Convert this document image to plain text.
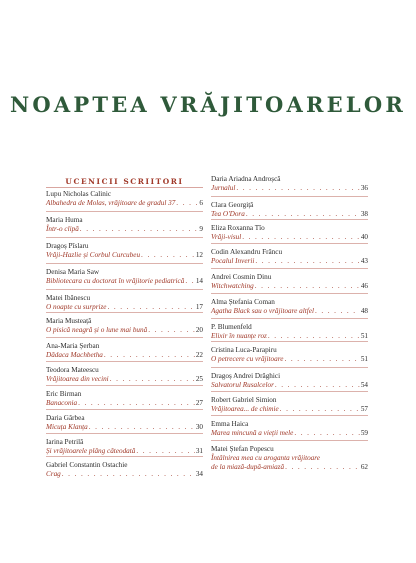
NOAPTEA VRĂJITOARELOR
UCENICII SCRIITORI
Lupu Nicholas Calinic
Albahedra de Molas, vrăjitoare de gradul 37 . . .	6
Maria Huma
Într-o clipă . . .	9
Dragoș Pîslaru
Vrăji-Hazlie și Corbul Curcubeu . . .	12
Denisa Maria Saw
Bibliotecara cu doctorat în vrăjitorie pediatrică . . . 14
Matei Ibănescu
O noapte cu surprize . . .	17
Maria Musteață
O pisică neagră și o lune mai bună . . .	20
Ana-Maria Șerban
Dădaca Machbetha . . .	22
Teodora Mateescu
Vrăjitoarea din vecini . . .	25
Eric Birman
Banaconia . . .	27
Daria Gârbea
Micuța Klanța . . .	30
Iarina Petrilă
Și vrăjitoarele plâng câteodată . . .	31
Gabriel Constantin Ostachie
Crag . . .	34
Daria Ariadna Androșcă
Jurnalul . . .	36
Clara Georgiță
Tea O'Dora . . .	38
Eliza Roxanna Tîo
Vrăji-visul . . .	40
Codin Alexandru Frâncu
Pocalul Inverii . . .	43
Andrei Cosmin Dinu
Witchwatching . . .	46
Alma Ștefania Coman
Agatha Black sau o vrăjitoare altfel . . .	48
P. Blumenfeld
Elixir în nuanțe roz . . .	51
Cristina Luca-Parapiru
O petrecere cu vrăjitoare . . .	51
Dragoș Andrei Drăghici
Salvatorul Rusalcelor . . .	54
Robert Gabriel Simion
Vrăjitoarea... de chimie . . .	57
Emma Haica
Marea mincună a vieții mele . . .	59
Matei Ștefan Popescu
Întâlnirea mea cu aroganta vrăjitoare
de la miază-după-amiază . . .	62
